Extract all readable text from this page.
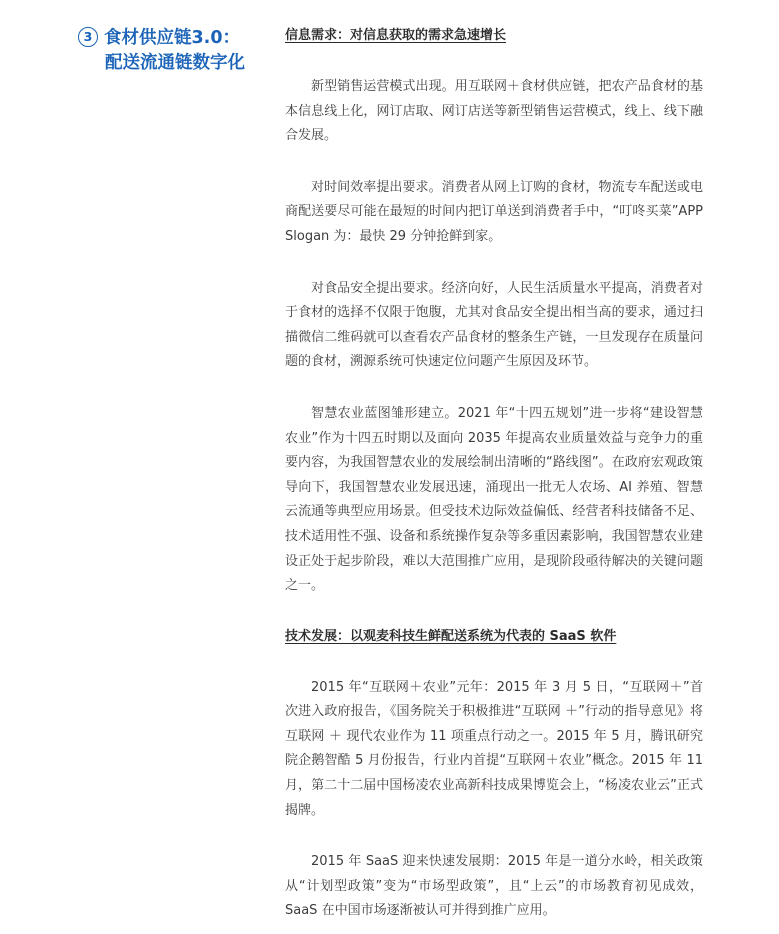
3 食材供应链3.0：
配送流通链数字化

信息需求：对信息获取的需求急速增长

新型销售运营模式出现。用互联网＋食材供应链，把农产品食材的基本信息线上化，网订店取、网订店送等新型销售运营模式，线上、线下融合发展。

对时间效率提出要求。消费者从网上订购的食材，物流专车配送或电商配送要尽可能在最短的时间内把订单送到消费者手中，“叮咚买菜”APP Slogan 为：最快 29 分钟抢鲜到家。

对食品安全提出要求。经济向好，人民生活质量水平提高，消费者对于食材的选择不仅限于饱腹，尤其对食品安全提出相当高的要求，通过扫描微信二维码就可以查看农产品食材的整条生产链，一旦发现存在质量问题的食材，溯源系统可快速定位问题产生原因及环节。

智慧农业蓝图雏形建立。2021 年“十四五规划”进一步将“建设智慧农业”作为十四五时期以及面向 2035 年提高农业质量效益与竞争力的重要内容，为我国智慧农业的发展绘制出清晰的“路线图”。在政府宏观政策导向下，我国智慧农业发展迅速，涌现出一批无人农场、AI 养殖、智慧云流通等典型应用场景。但受技术边际效益偏低、经营者科技储备不足、技术适用性不强、设备和系统操作复杂等多重因素影响，我国智慧农业建设正处于起步阶段，难以大范围推广应用，是现阶段亟待解决的关键问题之一。

技术发展：以观麦科技生鲜配送系统为代表的 SaaS 软件

2015 年“互联网＋农业”元年：2015 年 3 月 5 日，“互联网＋”首次进入政府报告，《国务院关于积极推进“互联网 ＋”行动的指导意见》将互联网 ＋ 现代农业作为 11 项重点行动之一。2015 年 5 月，腾讯研究院企鹅智酷 5 月份报告，行业内首提“互联网＋农业”概念。2015 年 11 月，第二十二届中国杨凌农业高新科技成果博览会上，“杨凌农业云”正式揭牌。

2015 年 SaaS 迎来快速发展期：2015 年是一道分水岭，相关政策从“计划型政策”变为“市场型政策”，且“上云”的市场教育初见成效，SaaS 在中国市场逐渐被认可并得到推广应用。
